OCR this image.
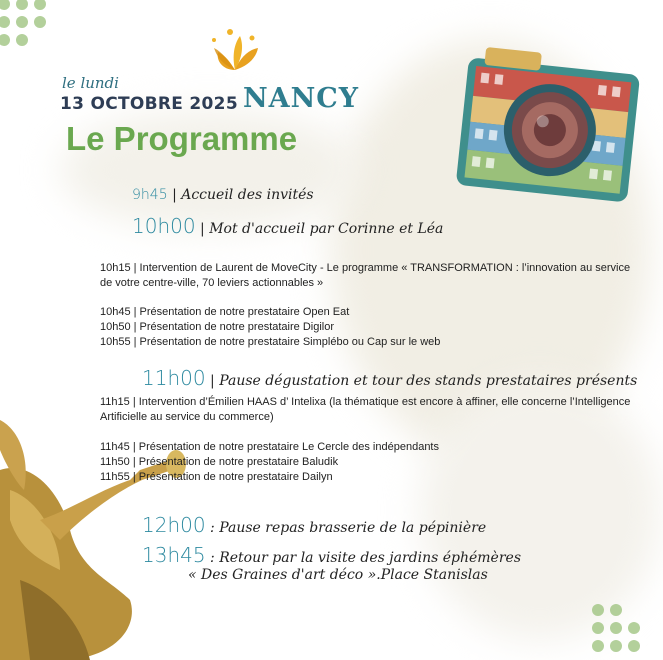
le lundi
13 OCTOBRE 2025 NANCY
Le Programme
9h45 | Accueil des invités
10h00 | Mot d'accueil par Corinne et Léa
10h15 | Intervention de Laurent de MoveCity - Le programme « TRANSFORMATION : l’innovation au service de votre centre-ville, 70 leviers actionnables »
10h45 | Présentation de notre prestataire Open Eat
10h50 | Présentation de notre prestataire Digilor
10h55 | Présentation de notre prestataire Simplébo ou Cap sur le web
11h00 | Pause dégustation et tour des stands prestataires présents
11h15 | Intervention d’Émilien HAAS d’ Intelixa (la thématique est encore à affiner, elle concerne l’Intelligence Artificielle au service du commerce)
11h45 | Présentation de notre prestataire Le Cercle des indépendants
11h50 | Présentation de notre prestataire Baludik
11h55 | Présentation de notre prestataire Dailyn
12h00 : Pause repas brasserie de la pépinière
13h45 : Retour par la visite des jardins éphémères
« Des Graines d'art déco ».Place Stanislas
